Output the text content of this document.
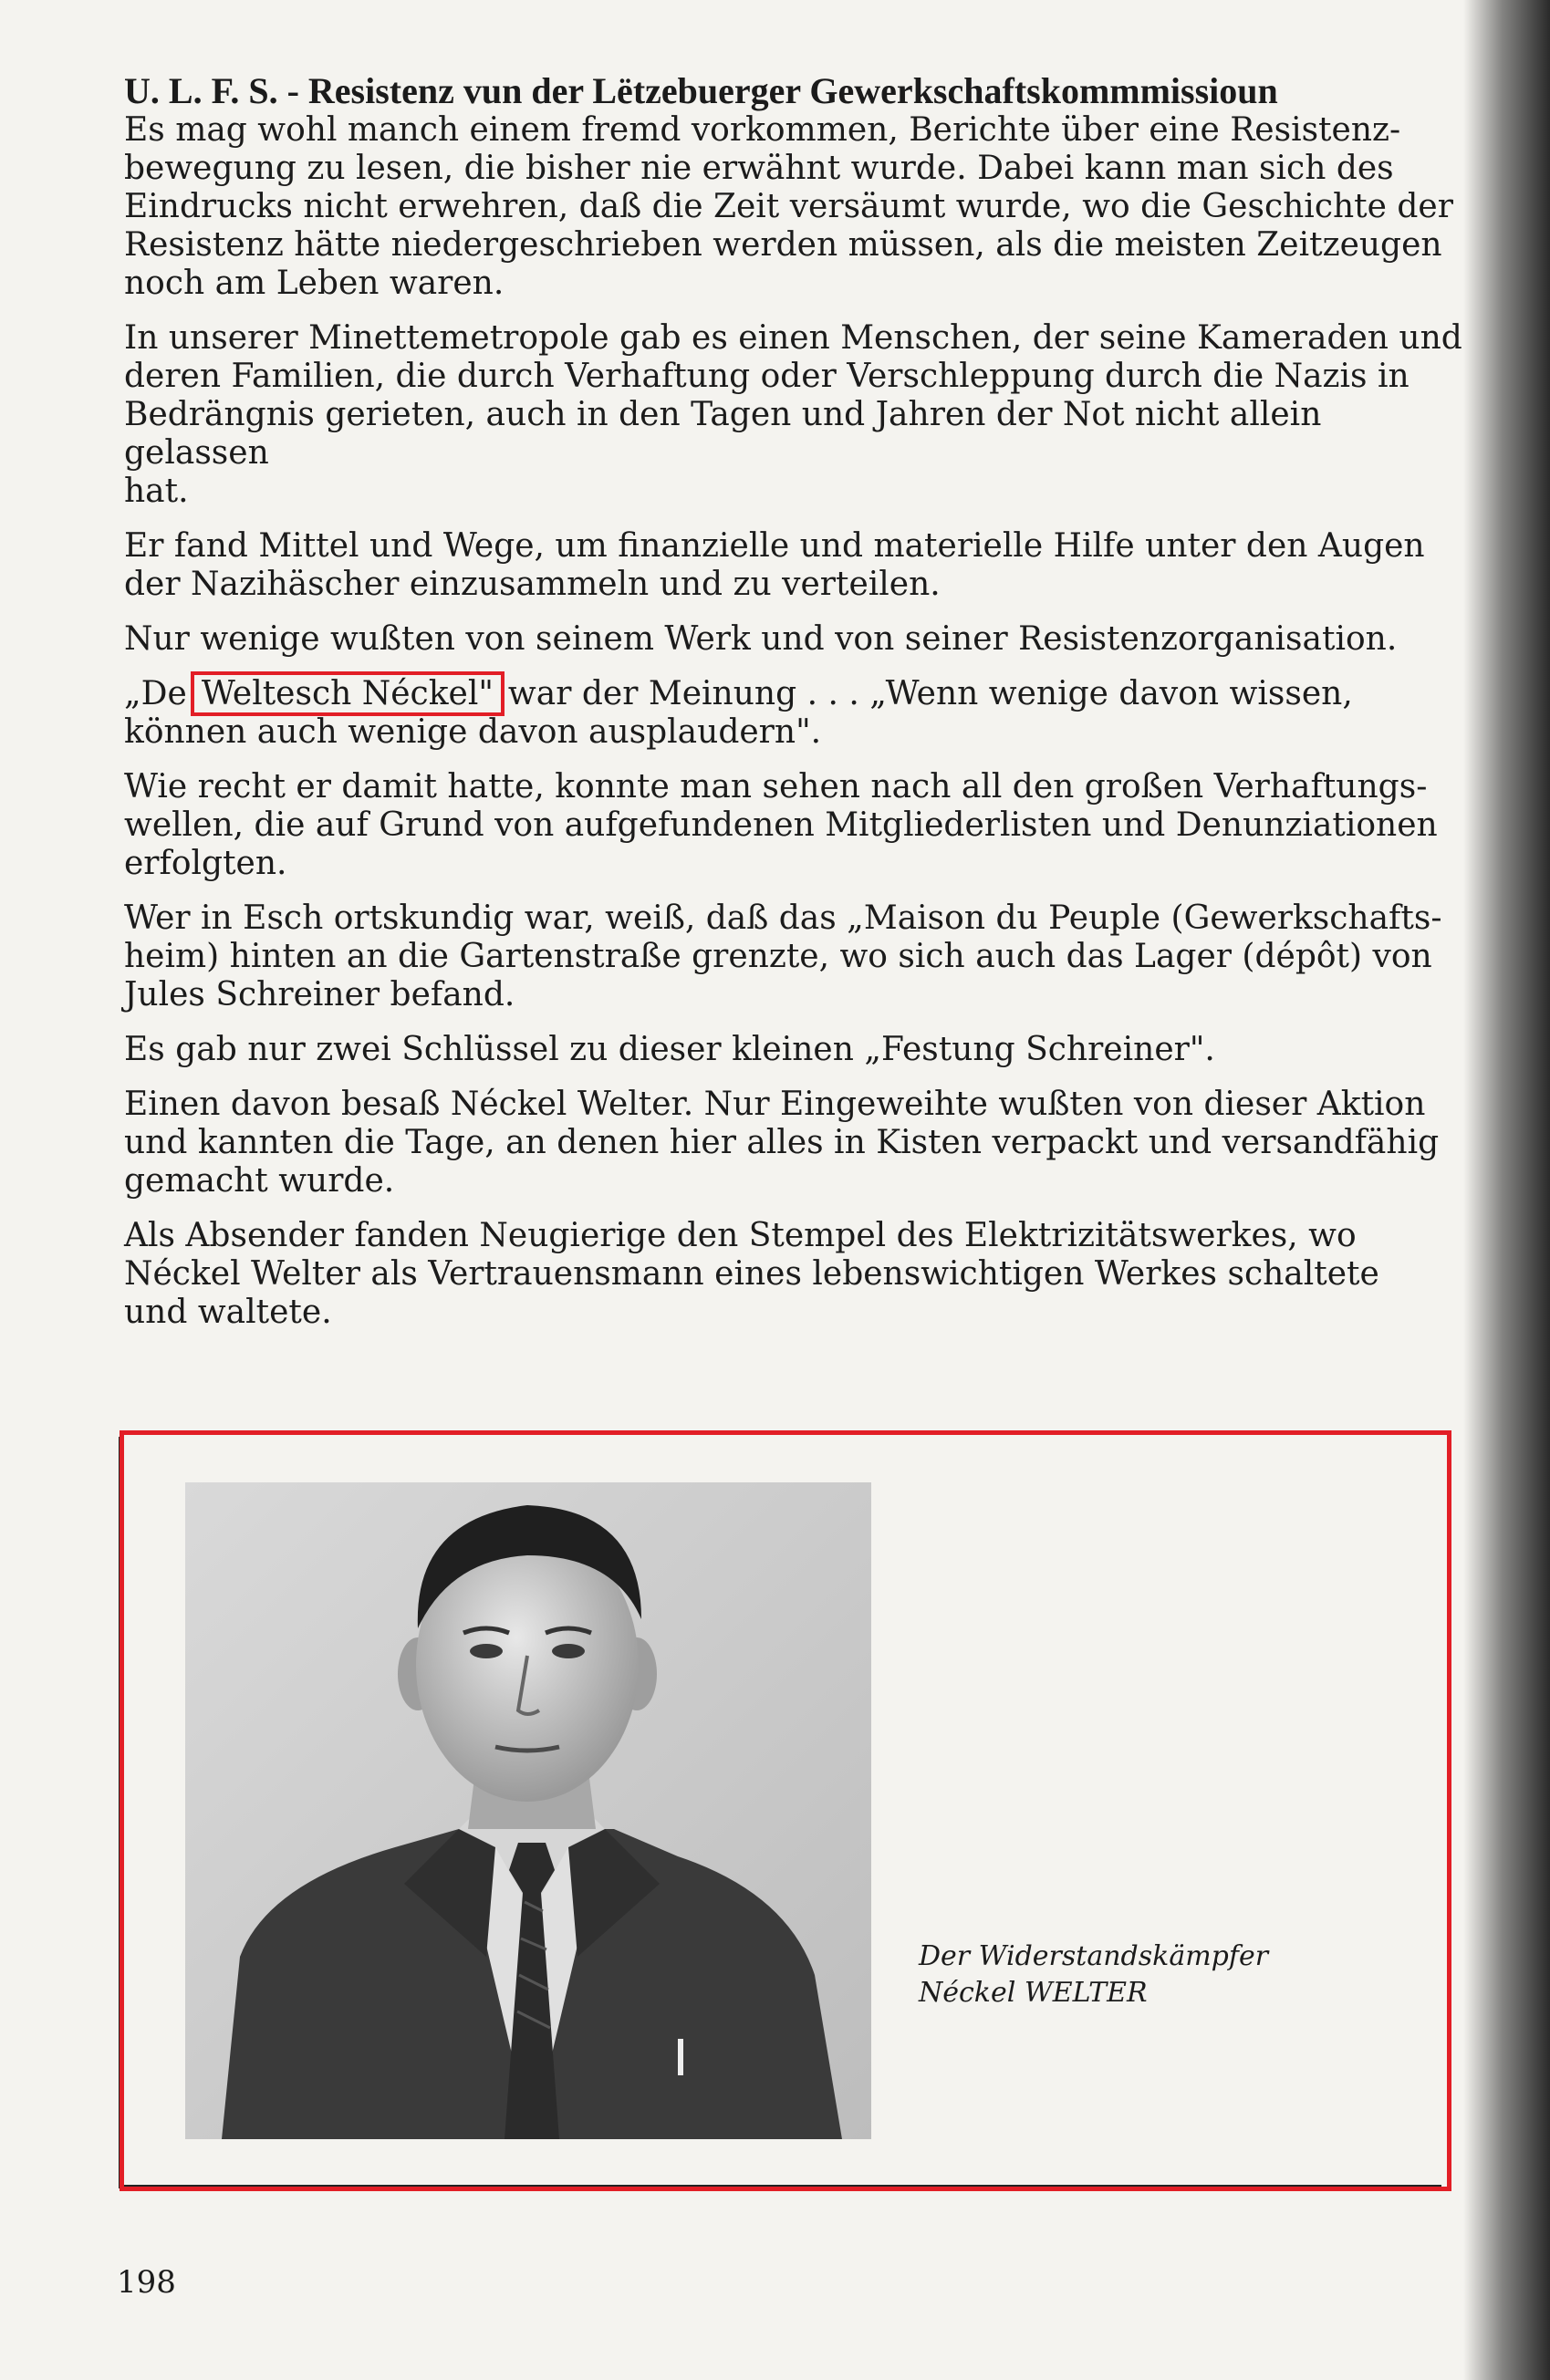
U. L. F. S. - Resistenz vun der Lëtzebuerger Gewerkschaftskommmissioun

Es mag wohl manch einem fremd vorkommen, Berichte über eine Resistenz-
bewegung zu lesen, die bisher nie erwähnt wurde. Dabei kann man sich des
Eindrucks nicht erwehren, daß die Zeit versäumt wurde, wo die Geschichte der
Resistenz hätte niedergeschrieben werden müssen, als die meisten Zeitzeugen
noch am Leben waren.

In unserer Minettemetropole gab es einen Menschen, der seine Kameraden und
deren Familien, die durch Verhaftung oder Verschleppung durch die Nazis in
Bedrängnis gerieten, auch in den Tagen und Jahren der Not nicht allein gelassen
hat.

Er fand Mittel und Wege, um finanzielle und materielle Hilfe unter den Augen
der Nazihäscher einzusammeln und zu verteilen.

Nur wenige wußten von seinem Werk und von seiner Resistenzorganisation.

„De Weltesch Néckel" war der Meinung . . . „Wenn wenige davon wissen,
können auch wenige davon ausplaudern".

Wie recht er damit hatte, konnte man sehen nach all den großen Verhaftungs-
wellen, die auf Grund von aufgefundenen Mitgliederlisten und Denunziationen
erfolgten.

Wer in Esch ortskundig war, weiß, daß das „Maison du Peuple (Gewerkschafts-
heim) hinten an die Gartenstraße grenzte, wo sich auch das Lager (dépôt) von
Jules Schreiner befand.

Es gab nur zwei Schlüssel zu dieser kleinen „Festung Schreiner".

Einen davon besaß Néckel Welter. Nur Eingeweihte wußten von dieser Aktion
und kannten die Tage, an denen hier alles in Kisten verpackt und versandfähig
gemacht wurde.

Als Absender fanden Neugierige den Stempel des Elektrizitätswerkes, wo
Néckel Welter als Vertrauensmann eines lebenswichtigen Werkes schaltete
und waltete.

Der Widerstandskämpfer
Néckel WELTER
198
